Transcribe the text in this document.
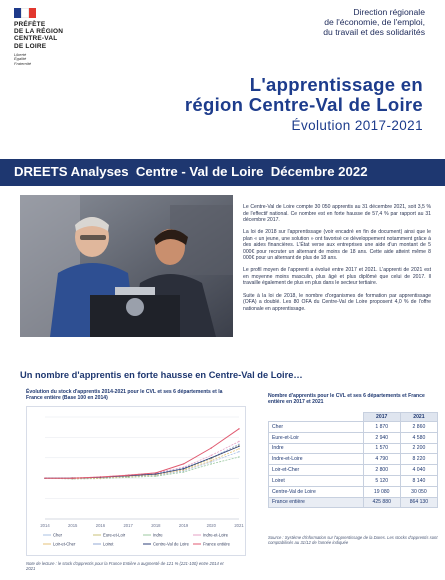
PRÉFÈTE
DE LA RÉGION
CENTRE-VAL
DE LOIRE
Liberté
Égalité
Fraternité
Direction régionale
de l'économie, de l'emploi,
du travail et des solidarités
L'apprentissage en
région Centre-Val de Loire
Évolution 2017-2021
DREETS Analyses  Centre - Val de Loire  Décembre 2022

Le Centre-Val de Loire compte 30 050 apprentis au 31 décembre 2021, soit 3,5 % de l'effectif national. Ce nombre est en forte hausse de 57,4 % par rapport au 31 décembre 2017.

La loi de 2018 sur l'apprentissage (voir encadré en fin de document) ainsi que le plan « un jeune, une solution » ont favorisé ce développement notamment grâce à des aides financières. L'État verse aux entreprises une aide d'un montant de 5 000€ pour recruter un alternant de moins de 18 ans. Cette aide atteint même 8 000€ pour un alternant de plus de 18 ans.

Le profil moyen de l'apprenti a évolué entre 2017 et 2021. L'apprenti de 2021 est en moyenne moins masculin, plus âgé et plus diplômé que celui de 2017. Il travaille également de plus en plus dans le secteur tertiaire.

Suite à la loi de 2018, le nombre d'organismes de formation par apprentissage (OFA) a doublé. Les 80 OFA du Centre-Val de Loire proposent 4,0 % de l'offre nationale en apprentissage.

Un nombre d'apprentis en forte hausse en Centre-Val de Loire…
Évolution du stock d'apprentis 2014-2021 pour le CVL et ses 6 départements et la France entière (Base 100 en 2014)
2014	2015	2016	2017	2018	2019	2020	2021
Cher	Eure-et-Loir	Indre	Indre-et-Loire
Loir-et-Cher	Loiret	Centre-Val de Loire	France entière
Nombre d'apprentis pour le CVL et ses 6 départements et France entière en 2017 et 2021
	2017	2021
Cher	1 870	2 860
Eure-et-Loir	2 940	4 580
Indre	1 570	2 200
Indre-et-Loire	4 790	8 220
Loir-et-Cher	2 800	4 040
Loiret	5 120	8 140
Centre-Val de Loire	19 080	30 050
France entière	425 880	864 130
Source : Système d'information sur l'apprentissage de la Dares. Les stocks d'apprentis sont comptabilisés au 31/12 de l'année indiquée
Note de lecture : le stock d'apprentis pour la France Entière a augmenté de 121 % (221-100) entre 2014 et 2021
